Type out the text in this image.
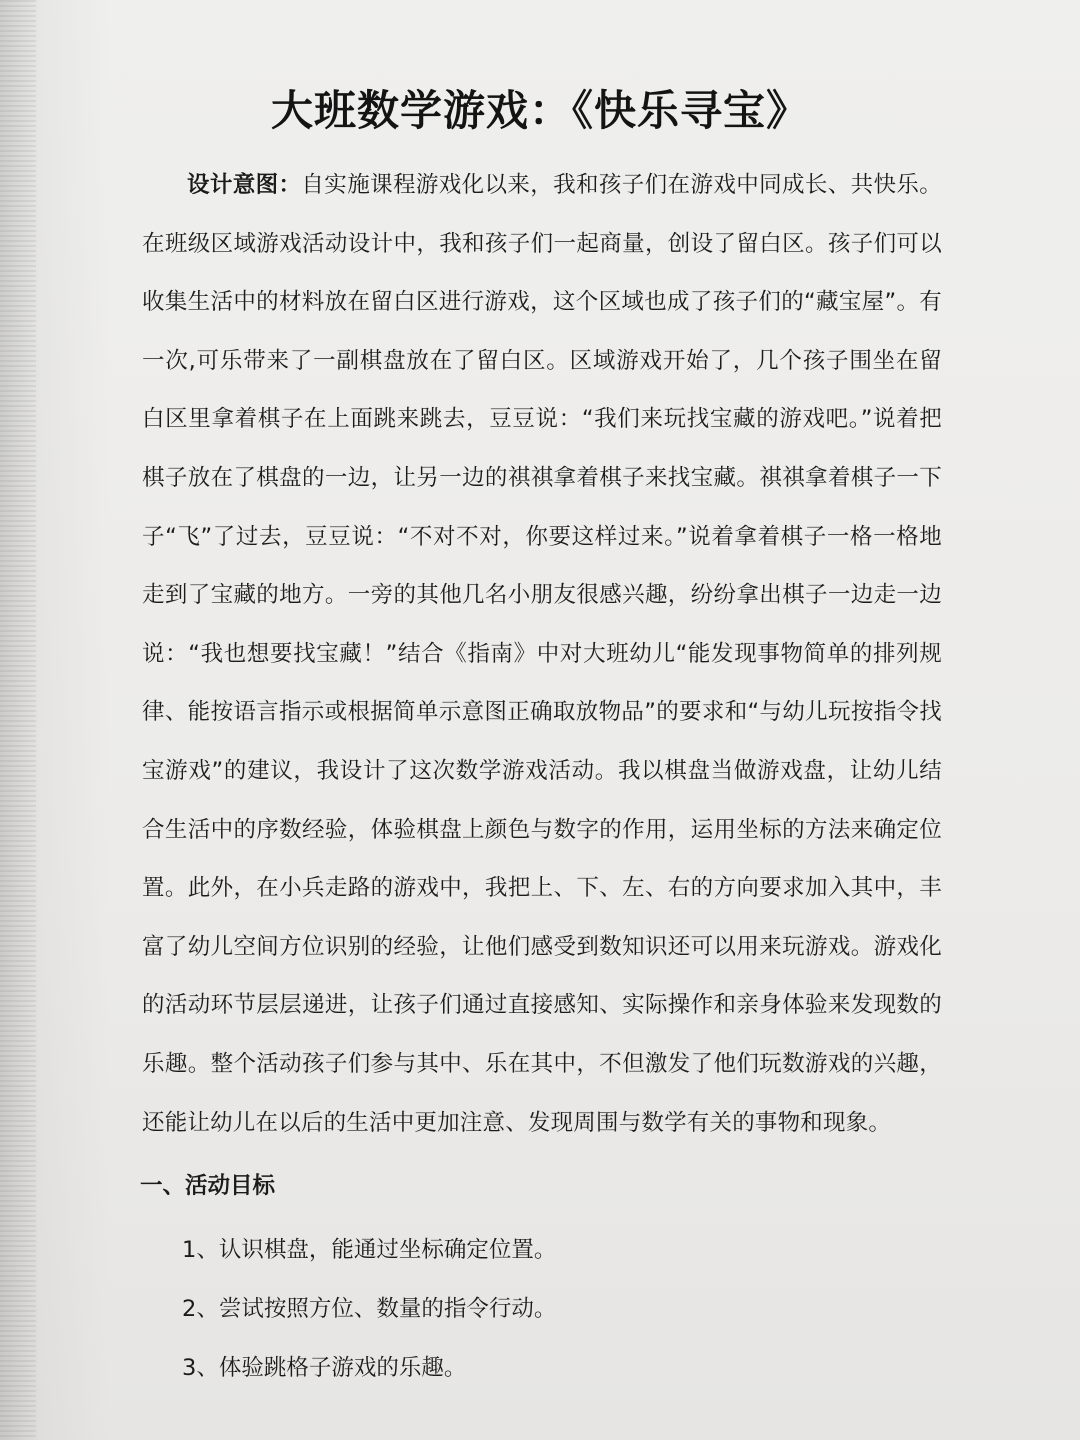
大班数学游戏：《快乐寻宝》

设计意图：自实施课程游戏化以来，我和孩子们在游戏中同成长、共快乐。在班级区域游戏活动设计中，我和孩子们一起商量，创设了留白区。孩子们可以收集生活中的材料放在留白区进行游戏，这个区域也成了孩子们的“藏宝屋”。有一次,可乐带来了一副棋盘放在了留白区。区域游戏开始了，几个孩子围坐在留白区里拿着棋子在上面跳来跳去，豆豆说：“我们来玩找宝藏的游戏吧。”说着把棋子放在了棋盘的一边，让另一边的祺祺拿着棋子来找宝藏。祺祺拿着棋子一下子“飞”了过去，豆豆说：“不对不对，你要这样过来。”说着拿着棋子一格一格地走到了宝藏的地方。一旁的其他几名小朋友很感兴趣，纷纷拿出棋子一边走一边说：“我也想要找宝藏！”结合《指南》中对大班幼儿“能发现事物简单的排列规律、能按语言指示或根据简单示意图正确取放物品”的要求和“与幼儿玩按指令找宝游戏”的建议，我设计了这次数学游戏活动。我以棋盘当做游戏盘，让幼儿结合生活中的序数经验，体验棋盘上颜色与数字的作用，运用坐标的方法来确定位置。此外，在小兵走路的游戏中，我把上、下、左、右的方向要求加入其中，丰富了幼儿空间方位识别的经验，让他们感受到数知识还可以用来玩游戏。游戏化的活动环节层层递进，让孩子们通过直接感知、实际操作和亲身体验来发现数的乐趣。整个活动孩子们参与其中、乐在其中，不但激发了他们玩数游戏的兴趣，还能让幼儿在以后的生活中更加注意、发现周围与数学有关的事物和现象。

一、活动目标
1、认识棋盘，能通过坐标确定位置。
2、尝试按照方位、数量的指令行动。
3、体验跳格子游戏的乐趣。
